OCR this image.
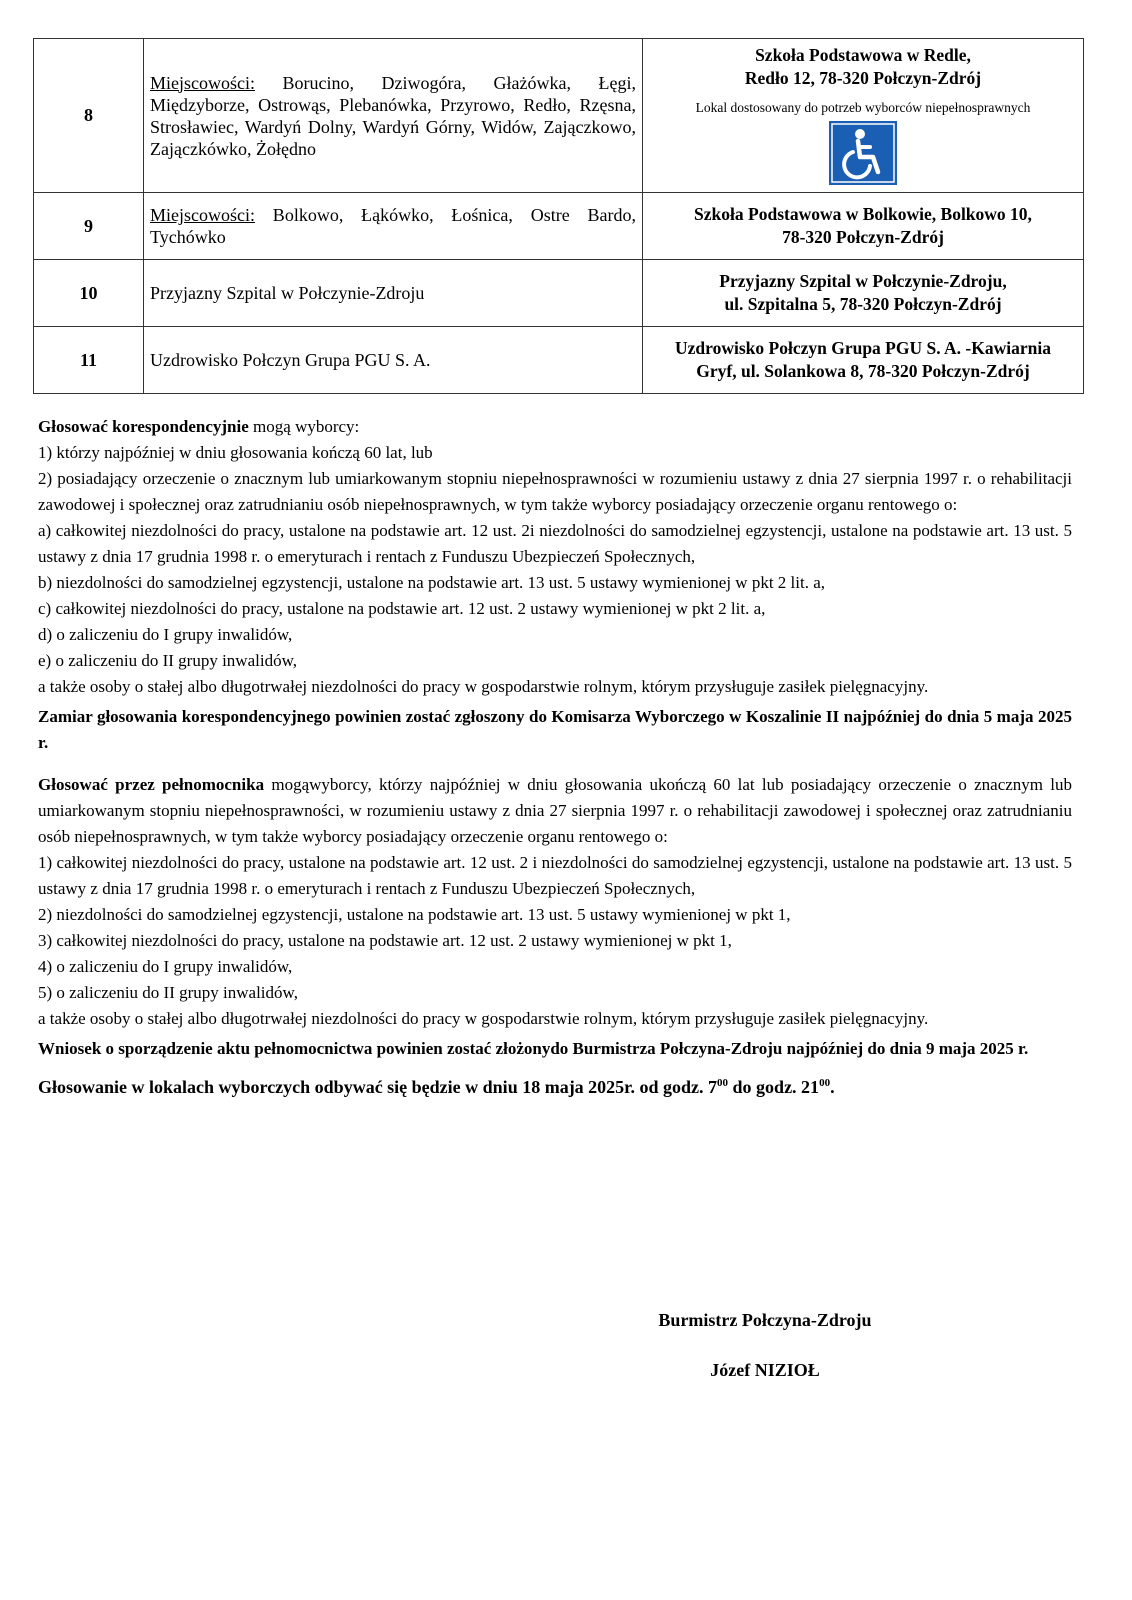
8	Miejscowości: Borucino, Dziwogóra, Głażówka, Łęgi, Międzyborze, Ostrowąs, Plebanówka, Przyrowo, Redło, Rzęsna, Strosławiec, Wardyń Dolny, Wardyń Górny, Widów, Zajączkowo, Zajączkówko, Żołędno	Szkoła Podstawowa w Redle,
Redło 12, 78-320 Połczyn-Zdrój
Lokal dostosowany do potrzeb wyborców niepełnosprawnych

9	Miejscowości: Bolkowo, Łąkówko, Łośnica, Ostre Bardo, Tychówko	Szkoła Podstawowa w Bolkowie, Bolkowo 10,
78-320 Połczyn-Zdrój

10	Przyjazny Szpital w Połczynie-Zdroju	Przyjazny Szpital w Połczynie-Zdroju,
ul. Szpitalna 5, 78-320 Połczyn-Zdrój

11	Uzdrowisko Połczyn Grupa PGU S. A.	Uzdrowisko Połczyn Grupa PGU S. A. -Kawiarnia
Gryf, ul. Solankowa 8, 78-320 Połczyn-Zdrój

Głosować korespondencyjnie mogą wyborcy:

1) którzy najpóźniej w dniu głosowania kończą 60 lat, lub

2) posiadający orzeczenie o znacznym lub umiarkowanym stopniu niepełnosprawności w rozumieniu ustawy z dnia 27 sierpnia 1997 r. o rehabilitacji zawodowej i społecznej oraz zatrudnianiu osób niepełnosprawnych, w tym także wyborcy posiadający orzeczenie organu rentowego o:

a) całkowitej niezdolności do pracy, ustalone na podstawie art. 12 ust. 2i niezdolności do samodzielnej egzystencji, ustalone na podstawie art. 13 ust. 5 ustawy z dnia 17 grudnia 1998 r. o emeryturach i rentach z Funduszu Ubezpieczeń Społecznych,

b) niezdolności do samodzielnej egzystencji, ustalone na podstawie art. 13 ust. 5 ustawy wymienionej w pkt 2 lit. a,

c) całkowitej niezdolności do pracy, ustalone na podstawie art. 12 ust. 2 ustawy wymienionej w pkt 2 lit. a,

d) o zaliczeniu do I grupy inwalidów,

e) o zaliczeniu do II grupy inwalidów,

a także osoby o stałej albo długotrwałej niezdolności do pracy w gospodarstwie rolnym, którym przysługuje zasiłek pielęgnacyjny.

Zamiar głosowania korespondencyjnego powinien zostać zgłoszony do Komisarza Wyborczego w Koszalinie II najpóźniej do dnia 5 maja 2025 r.

Głosować przez pełnomocnika mogąwyborcy, którzy najpóźniej w dniu głosowania ukończą 60 lat lub posiadający orzeczenie o znacznym lub umiarkowanym stopniu niepełnosprawności, w rozumieniu ustawy z dnia 27 sierpnia 1997 r. o rehabilitacji zawodowej i społecznej oraz zatrudnianiu osób niepełnosprawnych, w tym także wyborcy posiadający orzeczenie organu rentowego o:

1) całkowitej niezdolności do pracy, ustalone na podstawie art. 12 ust. 2 i niezdolności do samodzielnej egzystencji, ustalone na podstawie art. 13 ust. 5 ustawy z dnia 17 grudnia 1998 r. o emeryturach i rentach z Funduszu Ubezpieczeń Społecznych,

2) niezdolności do samodzielnej egzystencji, ustalone na podstawie art. 13 ust. 5 ustawy wymienionej w pkt 1,

3) całkowitej niezdolności do pracy, ustalone na podstawie art. 12 ust. 2 ustawy wymienionej w pkt 1,

4) o zaliczeniu do I grupy inwalidów,

5) o zaliczeniu do II grupy inwalidów,

a także osoby o stałej albo długotrwałej niezdolności do pracy w gospodarstwie rolnym, którym przysługuje zasiłek pielęgnacyjny.

Wniosek o sporządzenie aktu pełnomocnictwa powinien zostać złożonydo Burmistrza Połczyna-Zdroju najpóźniej do dnia 9 maja 2025 r.

Głosowanie w lokalach wyborczych odbywać się będzie w dniu 18 maja 2025r. od godz. $7^{00}$ do godz. $21^{00}$.

Burmistrz Połczyna-Zdroju
Józef NIZIOŁ
